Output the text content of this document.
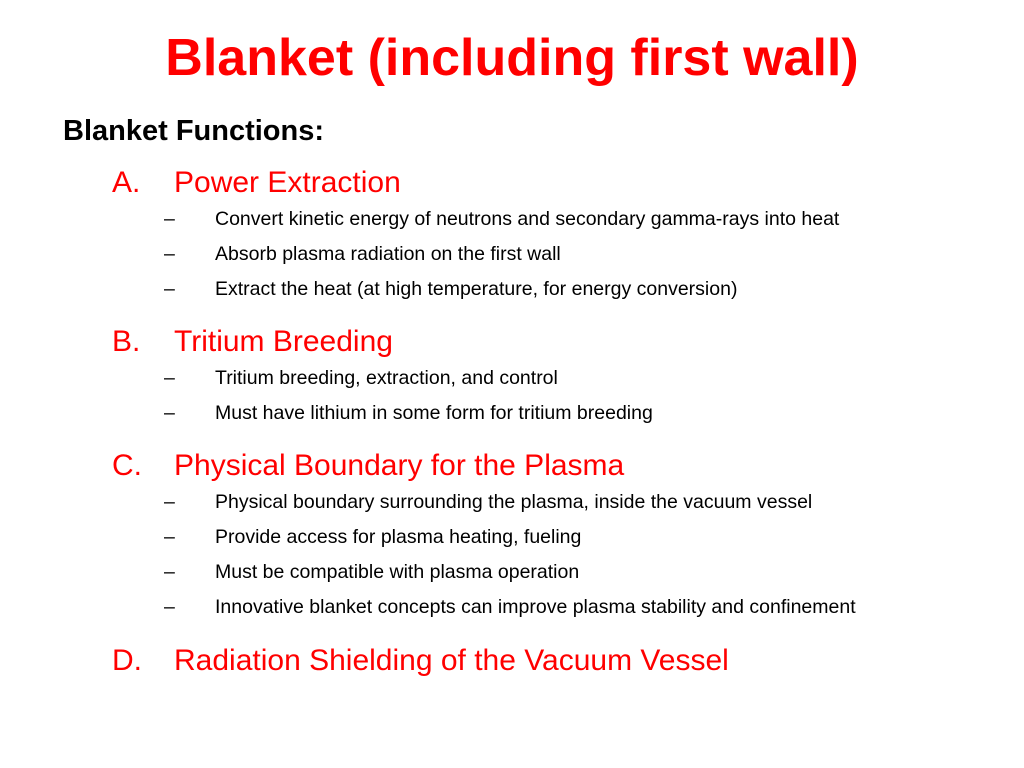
Blanket (including first wall)
Blanket Functions:
A.	Power Extraction
–	Convert kinetic energy of neutrons and secondary gamma-rays into heat
–	Absorb plasma radiation on the first wall
–	Extract the heat (at high temperature, for energy conversion)
B.	Tritium Breeding
–	Tritium breeding, extraction, and control
–	Must have lithium in some form for tritium breeding
C.	Physical Boundary for the Plasma
–	Physical boundary surrounding the plasma, inside the vacuum vessel
–	Provide access for plasma heating, fueling
–	Must be compatible with plasma operation
–	Innovative blanket concepts can improve plasma stability and confinement
D.	Radiation Shielding of the Vacuum Vessel
